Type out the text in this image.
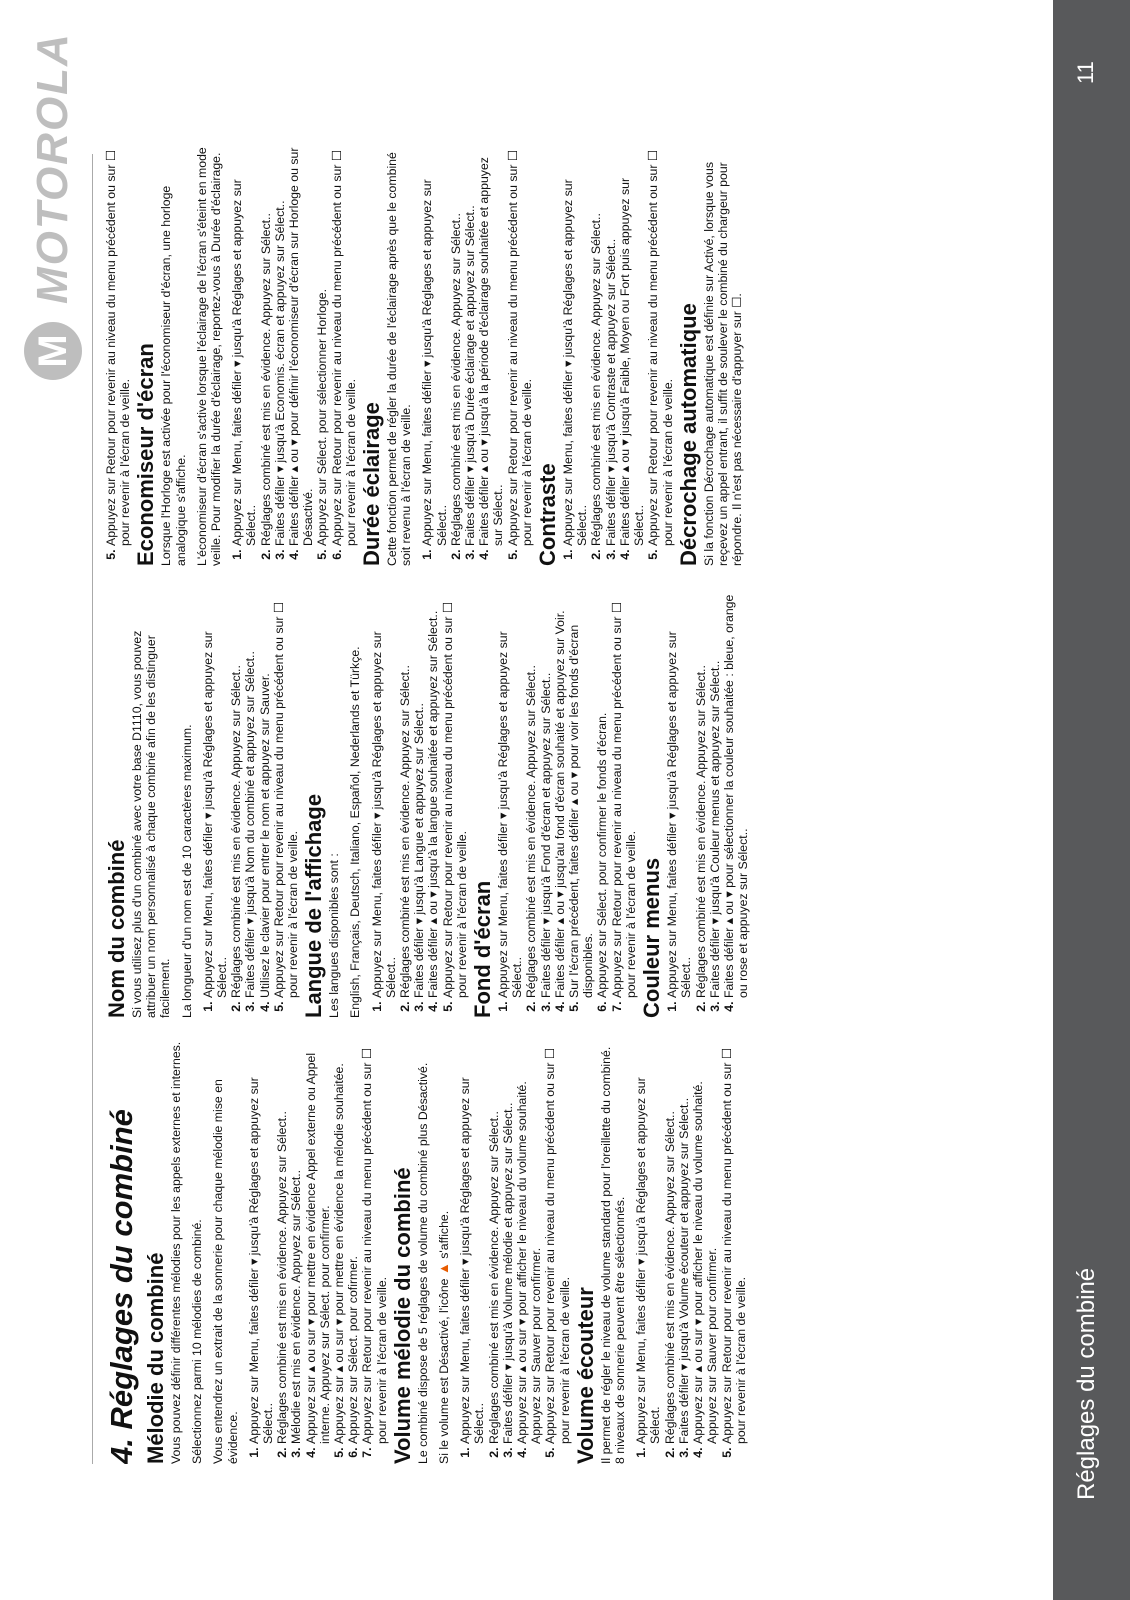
M
MOTOROLA
4. Réglages du combiné Mélodie du combiné Vous pouvez définir différentes mélodies pour les appels externes et internes. Sélectionnez parmi 10 mélodies de combiné. Vous entendrez un extrait de la sonnerie pour chaque mélodie mise en évidence. 1. Appuyez sur Menu, faites défiler ▾ jusqu'à Réglages et appuyez sur Sélect.. 2. Réglages combiné est mis en évidence. Appuyez sur Sélect.. 3. Mélodie est mis en évidence. Appuyez sur Sélect.. 4. Appuyez sur ▴ ou sur ▾ pour mettre en évidence Appel externe ou Appel interne. Appuyez sur Sélect. pour confirmer. 5. Appuyez sur ▴ ou sur ▾ pour mettre en évidence la mélodie souhaitée. 6. Appuyez sur Sélect. pour cofirmer. 7. Appuyez sur Retour pour revenir au niveau du menu précédent ou sur ☐ pour revenir à l'écran de veille. Volume mélodie du combiné Le combiné dispose de 5 réglages de volume du combiné plus Désactivé. Si le volume est Désactivé, l'icône ▲ s'affiche. 1. Appuyez sur Menu, faites défiler ▾ jusqu'à Réglages et appuyez sur Sélect.. 2. Réglages combiné est mis en évidence. Appuyez sur Sélect.. 3. Faites défiler ▾ jusqu'à Volume mélodie et appuyez sur Sélect.. 4. Appuyez sur ▴ ou sur ▾ pour afficher le niveau du volume souhaité. Appuyez sur Sauver pour confirmer. 5. Appuyez sur Retour pour revenir au niveau du menu précédent ou sur ☐ pour revenir à l'écran de veille. Volume écouteur Il permet de régler le niveau de volume standard pour l'oreillette du combiné. 8 niveaux de sonnerie peuvent être sélectionnés. 1. Appuyez sur Menu, faites défiler ▾ jusqu'à Réglages et appuyez sur Sélect. 2. Réglages combiné est mis en évidence. Appuyez sur Sélect.. 3. Faites défiler ▾ jusqu'à Volume écouteur et appuyez sur Sélect.. 4. Appuyez sur ▴ ou sur ▾ pour afficher le niveau du volume souhaité. Appuyez sur Sauver pour confirmer. 5. Appuyez sur Retour pour revenir au niveau du menu précédent ou sur ☐ pour revenir à l'écran de veille.
Nom du combiné Si vous utilisez plus d'un combiné avec votre base D1110, vous pouvez attribuer un nom personnalisé à chaque combiné afin de les distinguer facilement. La longueur d'un nom est de 10 caractères maximum. 1. Appuyez sur Menu, faites défiler ▾ jusqu'à Réglages et appuyez sur Sélect.. 2. Réglages combiné est mis en évidence. Appuyez sur Sélect.. 3. Faites défiler ▾ jusqu'à Nom du combiné et appuyez sur Sélect.. 4. Utilisez le clavier pour entrer le nom et appuyez sur Sauver. 5. Appuyez sur Retour pour revenir au niveau du menu précédent ou sur ☐ pour revenir à l'écran de veille. Langue de l'affichage Les langues disponibles sont : English, Français, Deutsch, Italiano, Español, Nederlands et Türkçe. 1. Appuyez sur Menu, faites défiler ▾ jusqu'à Réglages et appuyez sur Sélect.. 2. Réglages combiné est mis en évidence. Appuyez sur Sélect.. 3. Faites défiler ▾ jusqu'à Langue et appuyez sur Sélect.. 4. Faites défiler ▴ ou ▾ jusqu'à la langue souhaitée et appuyez sur Sélect.. 5. Appuyez sur Retour pour revenir au niveau du menu précédent ou sur ☐ pour revenir à l'écran de veille. Fond d'écran 1. Appuyez sur Menu, faites défiler ▾ jusqu'à Réglages et appuyez sur Sélect.. 2. Réglages combiné est mis en évidence. Appuyez sur Sélect.. 3. Faites défiler ▾ jusqu'à Fond d'écran et appuyez sur Sélect.. 4. Faites défiler ▴ ou ▾ jusqu'au fond d'écran souhaité et appuyez sur Voir. 5. Sur l'écran précédent, faites défiler ▴ ou ▾ pour voir les fonds d'écran disponibles. 6. Appuyez sur Sélect. pour confirmer le fonds d'écran. 7. Appuyez sur Retour pour revenir au niveau du menu précédent ou sur ☐ pour revenir à l'écran de veille. Couleur menus 1. Appuyez sur Menu, faites défiler ▾ jusqu'à Réglages et appuyez sur Sélect.. 2. Réglages combiné est mis en évidence. Appuyez sur Sélect.. 3. Faites défiler ▾ jusqu'à Couleur menus et appuyez sur Sélect.. 4. Faites défiler ▴ ou ▾ pour sélectionner la couleur souhaitée : bleue, orange ou rose et appuyez sur Sélect..
5. Appuyez sur Retour pour revenir au niveau du menu précédent ou sur ☐ pour revenir à l'écran de veille. Economiseur d'écran Lorsque l'Horloge est activée pour l'économiseur d'écran, une horloge analogique s'affiche. L'économiseur d'écran s'active lorsque l'éclairage de l'écran s'éteint en mode veille. Pour modifier la durée d'éclairage, reportez-vous à Durée d'éclairage. 1. Appuyez sur Menu, faites défiler ▾ jusqu'à Réglages et appuyez sur Sélect.. 2. Réglages combiné est mis en évidence. Appuyez sur Sélect.. 3. Faites défiler ▾ jusqu'à Economis. écran et appuyez sur Sélect.. 4. Faites défiler ▴ ou ▾ pour définir l'économiseur d'écran sur Horloge ou sur Désactivé. 5. Appuyez sur Sélect. pour sélectionner Horloge. 6. Appuyez sur Retour pour revenir au niveau du menu précédent ou sur ☐ pour revenir à l'écran de veille. Durée éclairage Cette fonction permet de régler la durée de l'éclairage après que le combiné soit revenu à l'écran de veille. 1. Appuyez sur Menu, faites défiler ▾ jusqu'à Réglages et appuyez sur Sélect.. 2. Réglages combiné est mis en évidence. Appuyez sur Sélect.. 3. Faites défiler ▾ jusqu'à Durée éclairage et appuyez sur Sélect.. 4. Faites défiler ▴ ou ▾ jusqu'à la période d'éclairage souhaitée et appuyez sur Sélect.. 5. Appuyez sur Retour pour revenir au niveau du menu précédent ou sur ☐ pour revenir à l'écran de veille. Contraste 1. Appuyez sur Menu, faites défiler ▾ jusqu'à Réglages et appuyez sur Sélect.. 2. Réglages combiné est mis en évidence. Appuyez sur Sélect.. 3. Faites défiler ▾ jusqu'à Contraste et appuyez sur Sélect.. 4. Faites défiler ▴ ou ▾ jusqu'à Faible, Moyen ou Fort puis appuyez sur Sélect.. 5. Appuyez sur Retour pour revenir au niveau du menu précédent ou sur ☐ pour revenir à l'écran de veille. Décrochage automatique Si la fonction Décrochage automatique est définie sur Activé, lorsque vous reçevez un appel entrant, il suffit de soulever le combiné du chargeur pour répondre. Il n'est pas nécessaire d'appuyer sur ☐.

Réglages du combiné
11
